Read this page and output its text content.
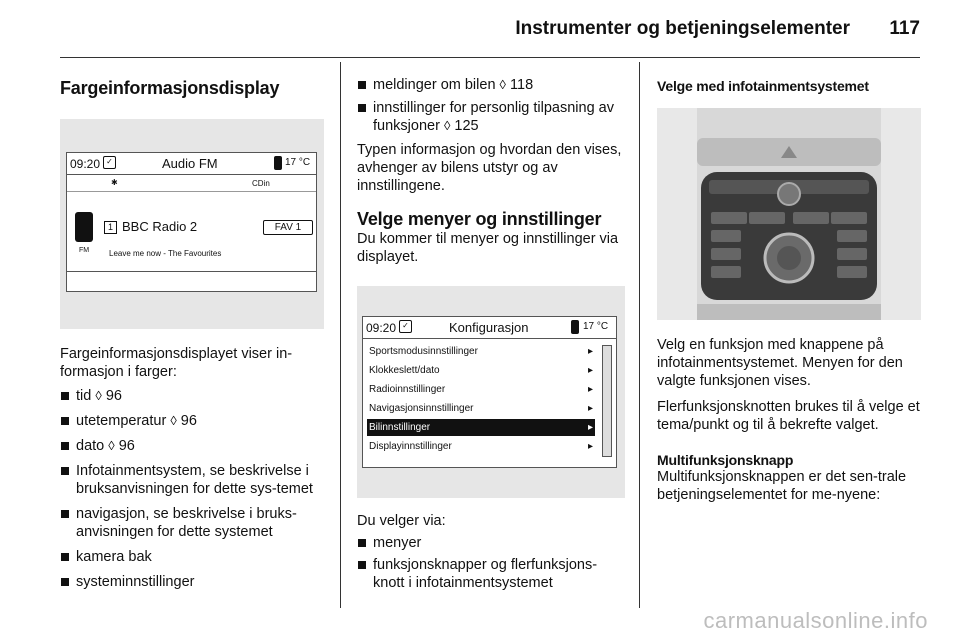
Instrumenter og betjeningselementer 117
Fargeinformasjonsdisplay
09:20 ✓	Audio FM	17 °C
✱	CDin
1 BBC Radio 2	FAV 1
FM Leave me now - The Favourites
Fargeinformasjonsdisplayet viser in-formasjon i farger:
tid ◊ 96
utetemperatur ◊ 96
dato ◊ 96
Infotainmentsystem, se beskrivelse i bruksanvisningen for dette sys-temet
navigasjon, se beskrivelse i bruks-anvisningen for dette systemet
kamera bak
systeminnstillinger
meldinger om bilen ◊ 118
innstillinger for personlig tilpasning av funksjoner ◊ 125
Typen informasjon og hvordan den vises, avhenger av bilens utstyr og av innstillingene.
Velge menyer og innstillinger
Du kommer til menyer og innstillinger via displayet.
09:20 ✓	Konfigurasjon	17 °C
Sportsmodusinnstillinger	▸
Klokkeslett/dato	▸
Radioinnstillinger	▸
Navigasjonsinnstillinger	▸
Bilinnstillinger	▸
Displayinnstillinger	▸
Du velger via:
menyer
funksjonsknapper og flerfunksjons-knott i infotainmentsystemet
Velge med infotainmentsystemet
Velg en funksjon med knappene på infotainmentsystemet. Menyen for den valgte funksjonen vises.
Flerfunksjonsknotten brukes til å velge et tema/punkt og til å bekrefte valget.
Multifunksjonsknapp
Multifunksjonsknappen er det sen-trale betjeningselementet for me-nyene:
carmanualsonline.info
